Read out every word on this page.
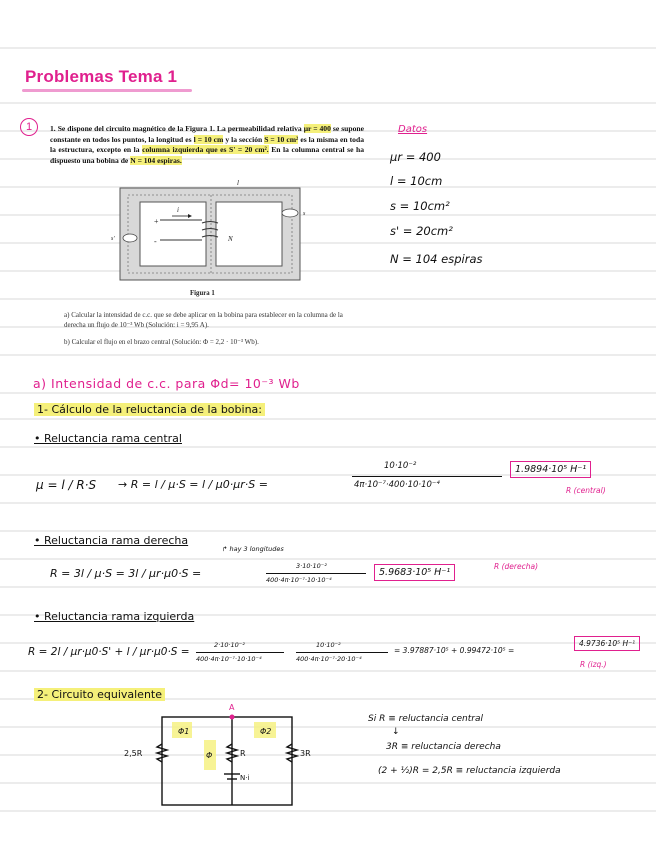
Problemas Tema 1
1	1. Se dispone del circuito magnético de la Figura 1. La permeabilidad relativa μr = 400 se supone constante en todos los puntos, la longitud es l = 10 cm y la sección S = 10 cm² es la misma en toda la estructura, excepto en la columna izquierda que es S' = 20 cm². En la columna central se ha dispuesto una bobina de N = 104 espiras.
+
-
i
N
l
s
s'
Figura 1
a) Calcular la intensidad de c.c. que se debe aplicar en la bobina para establecer en la columna de la derecha un flujo de 10⁻³ Wb (Solución: i = 9,95 A).
b) Calcular el flujo en el brazo central (Solución: Φ = 2,2 · 10⁻³ Wb).
Datos
μr = 400
l = 10cm
s = 10cm²
s' = 20cm²
N = 104 espiras
a) Intensidad de c.c. para Φd= 10⁻³ Wb
1- Cálculo de la reluctancia de la bobina:
• Reluctancia rama central
μ = l / R·S → R = l / μ·S = l / μ0·μr·S =
10·10⁻²
4π·10⁻⁷·400·10·10⁻⁴
1.9894·10⁵ H⁻¹
R (central)
• Reluctancia rama derecha
↱ hay 3 longitudes
R = 3l / μ·S = 3l / μr·μ0·S =
3·10·10⁻²
400·4π·10⁻⁷·10·10⁻⁴
5.9683·10⁵ H⁻¹
R (derecha)
• Reluctancia rama izquierda
R = 2l / μr·μ0·S' + l / μr·μ0·S =
2·10·10⁻²
400·4π·10⁻⁷·10·10⁻⁴
10·10⁻²
400·4π·10⁻⁷·20·10⁻⁴
= 3.97887·10⁵ + 0.99472·10⁵ =
4.9736·10⁵ H⁻¹
R (izq.)
2- Circuito equivalente
A
Φ1	Φ2
Φ
2,5R	R	3R
N·i
Si R ≡ reluctancia central
↓
3R ≡ reluctancia derecha
(2 + ½)R = 2,5R ≡ reluctancia izquierda
